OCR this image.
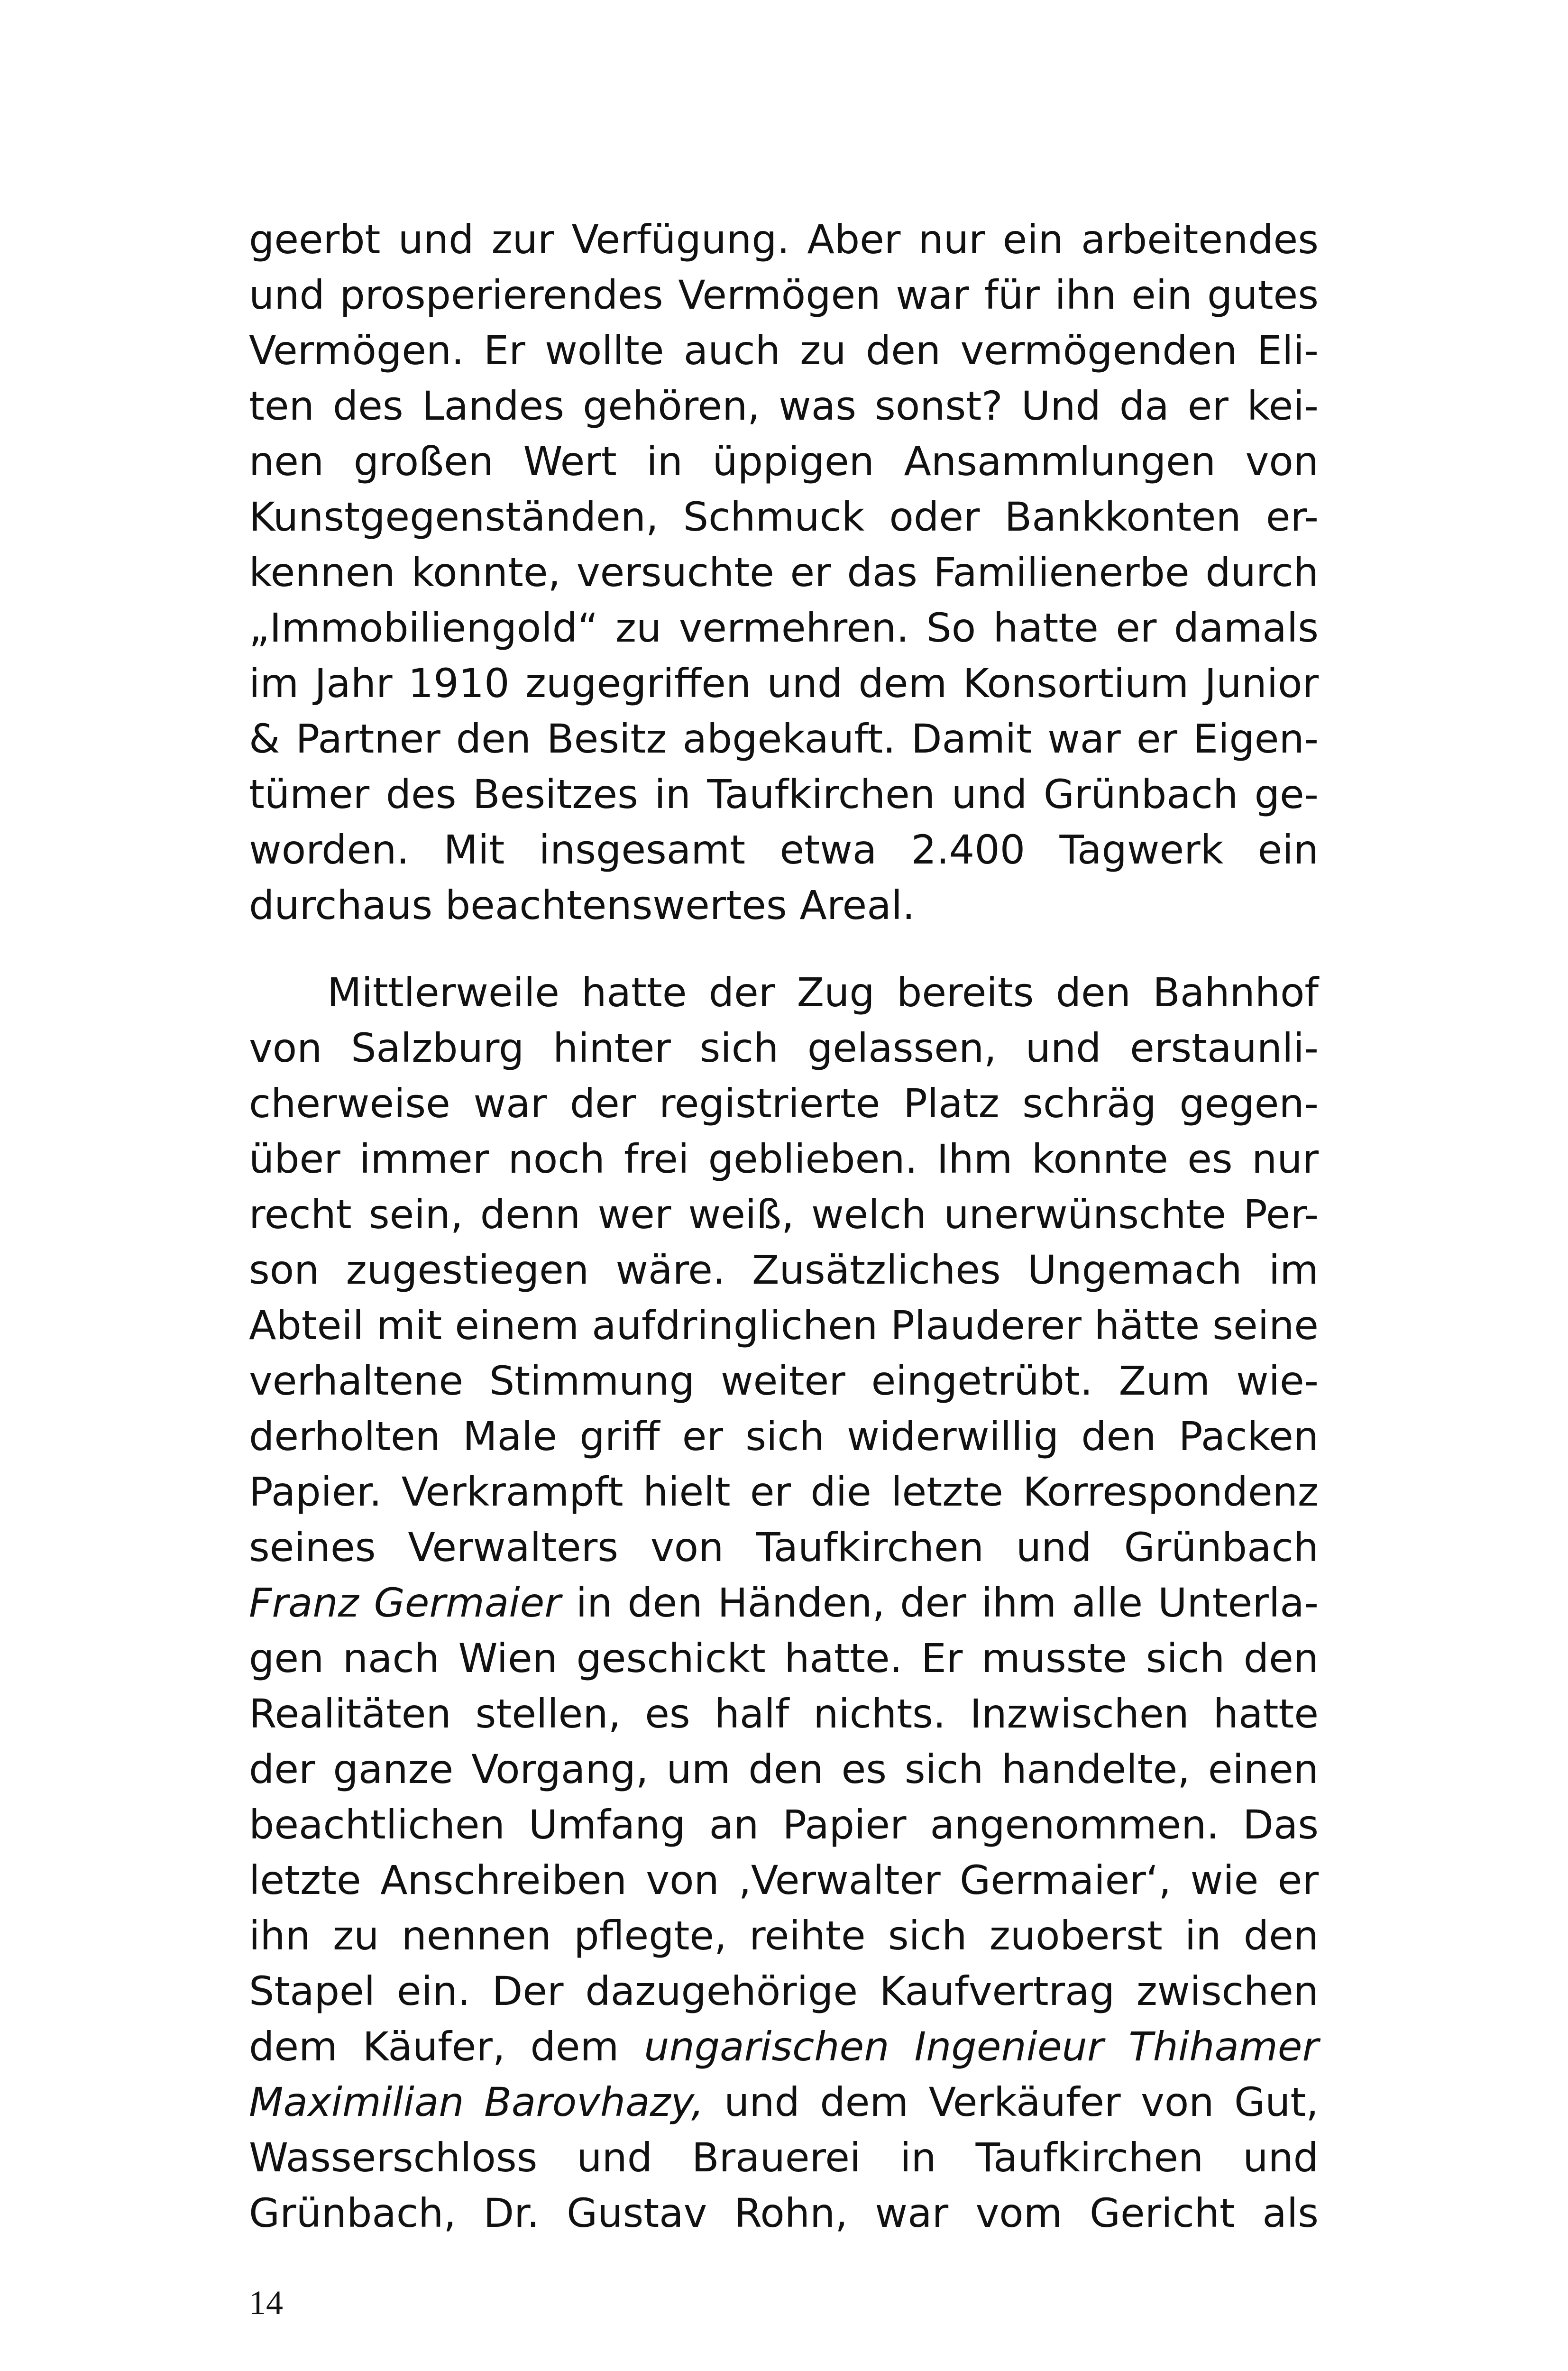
geerbt und zur Verfügung. Aber nur ein arbeitendes
und prosperierendes Vermögen war für ihn ein gutes
Vermögen. Er wollte auch zu den vermögenden Eli-
ten des Landes gehören, was sonst? Und da er kei-
nen großen Wert in üppigen Ansammlungen von
Kunstgegenständen, Schmuck oder Bankkonten er-
kennen konnte, versuchte er das Familienerbe durch
„Immobiliengold“ zu vermehren. So hatte er damals
im Jahr 1910 zugegriffen und dem Konsortium Junior
& Partner den Besitz abgekauft. Damit war er Eigen-
tümer des Besitzes in Taufkirchen und Grünbach ge-
worden. Mit insgesamt etwa 2.400 Tagwerk ein
durchaus beachtenswertes Areal.
Mittlerweile hatte der Zug bereits den Bahnhof
von Salzburg hinter sich gelassen, und erstaunli-
cherweise war der registrierte Platz schräg gegen-
über immer noch frei geblieben. Ihm konnte es nur
recht sein, denn wer weiß, welch unerwünschte Per-
son zugestiegen wäre. Zusätzliches Ungemach im
Abteil mit einem aufdringlichen Plauderer hätte seine
verhaltene Stimmung weiter eingetrübt. Zum wie-
derholten Male griff er sich widerwillig den Packen
Papier. Verkrampft hielt er die letzte Korrespondenz
seines Verwalters von Taufkirchen und Grünbach
Franz Germaier in den Händen, der ihm alle Unterla-
gen nach Wien geschickt hatte. Er musste sich den
Realitäten stellen, es half nichts. Inzwischen hatte
der ganze Vorgang, um den es sich handelte, einen
beachtlichen Umfang an Papier angenommen. Das
letzte Anschreiben von ‚Verwalter Germaier‘, wie er
ihn zu nennen pflegte, reihte sich zuoberst in den
Stapel ein. Der dazugehörige Kaufvertrag zwischen
dem Käufer, dem ungarischen Ingenieur Thihamer
Maximilian Barovhazy, und dem Verkäufer von Gut,
Wasserschloss und Brauerei in Taufkirchen und
Grünbach, Dr. Gustav Rohn, war vom Gericht als
14
